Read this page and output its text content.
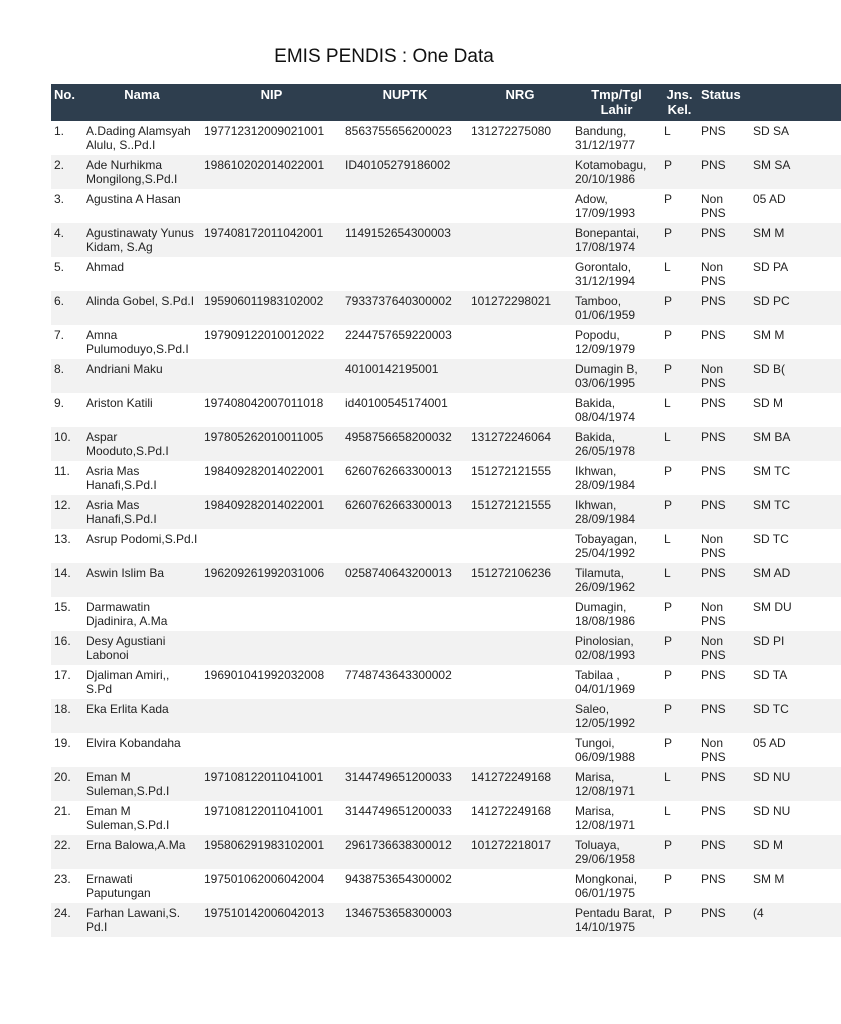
EMIS PENDIS : One Data
No.	Nama	NIP	NUPTK	NRG	Tmp/Tgl Lahir	Jns. Kel.	Status	
1.	A.Dading Alamsyah Alulu, S..Pd.I	197712312009021001	8563755656200023	131272275080	Bandung, 31/12/1977	L	PNS	SD SA
2.	Ade Nurhikma Mongilong,S.Pd.I	198610202014022001	ID40105279186002		Kotamobagu, 20/10/1986	P	PNS	SM SA
3.	Agustina A Hasan				Adow, 17/09/1993	P	Non PNS	05 AD
4.	Agustinawaty Yunus Kidam, S.Ag	197408172011042001	1149152654300003		Bonepantai, 17/08/1974	P	PNS	SM M
5.	Ahmad				Gorontalo, 31/12/1994	L	Non PNS	SD PA
6.	Alinda Gobel, S.Pd.I	195906011983102002	7933737640300002	101272298021	Tamboo, 01/06/1959	P	PNS	SD PC
7.	Amna Pulumoduyo,S.Pd.I	197909122010012022	2244757659220003		Popodu, 12/09/1979	P	PNS	SM M
8.	Andriani Maku		40100142195001		Dumagin B, 03/06/1995	P	Non PNS	SD B(
9.	Ariston Katili	197408042007011018	id40100545174001		Bakida, 08/04/1974	L	PNS	SD M
10.	Aspar Mooduto,S.Pd.I	197805262010011005	4958756658200032	131272246064	Bakida, 26/05/1978	L	PNS	SM BA
11.	Asria Mas Hanafi,S.Pd.I	198409282014022001	6260762663300013	151272121555	Ikhwan, 28/09/1984	P	PNS	SM TC
12.	Asria Mas Hanafi,S.Pd.I	198409282014022001	6260762663300013	151272121555	Ikhwan, 28/09/1984	P	PNS	SM TC
13.	Asrup Podomi,S.Pd.I				Tobayagan, 25/04/1992	L	Non PNS	SD TC
14.	Aswin Islim Ba	196209261992031006	0258740643200013	151272106236	Tilamuta, 26/09/1962	L	PNS	SM AD
15.	Darmawatin Djadinira, A.Ma				Dumagin, 18/08/1986	P	Non PNS	SM DU
16.	Desy Agustiani Labonoi				Pinolosian, 02/08/1993	P	Non PNS	SD PI
17.	Djaliman Amiri,, S.Pd	196901041992032008	7748743643300002		Tabilaa , 04/01/1969	P	PNS	SD TA
18.	Eka Erlita Kada				Saleo, 12/05/1992	P	PNS	SD TC
19.	Elvira Kobandaha				Tungoi, 06/09/1988	P	Non PNS	05 AD
20.	Eman M Suleman,S.Pd.I	197108122011041001	3144749651200033	141272249168	Marisa, 12/08/1971	L	PNS	SD NU
21.	Eman M Suleman,S.Pd.I	197108122011041001	3144749651200033	141272249168	Marisa, 12/08/1971	L	PNS	SD NU
22.	Erna Balowa,A.Ma	195806291983102001	2961736638300012	101272218017	Toluaya, 29/06/1958	P	PNS	SD M
23.	Ernawati Paputungan	197501062006042004	9438753654300002		Mongkonai, 06/01/1975	P	PNS	SM M
24.	Farhan Lawani,S. Pd.I	197510142006042013	1346753658300003		Pentadu Barat, 14/10/1975	P	PNS	(4
